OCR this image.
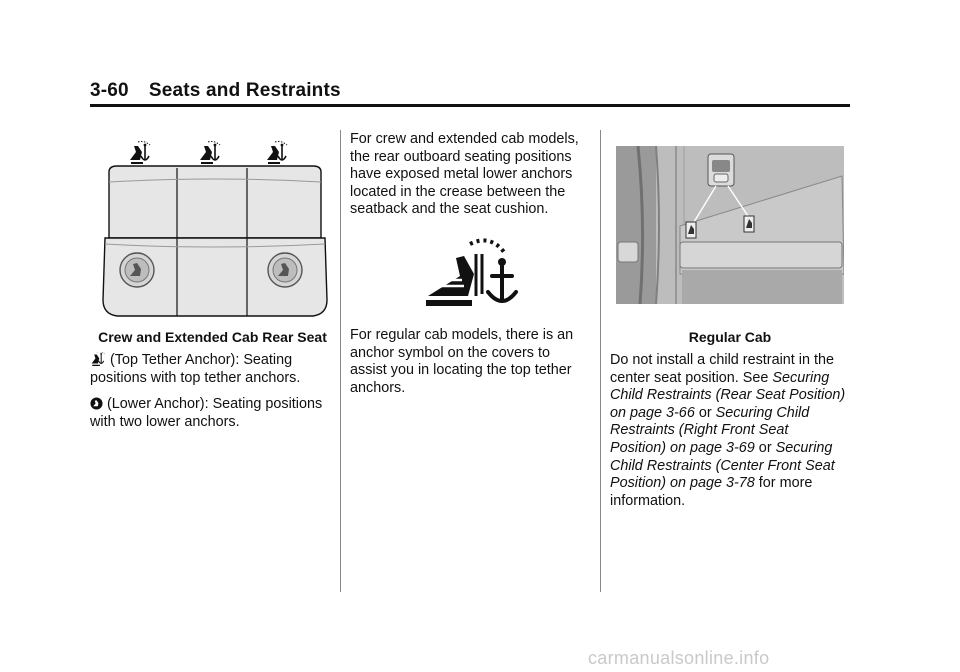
3-60 Seats and Restraints
Crew and Extended Cab Rear Seat
(Top Tether Anchor): Seating positions with top tether anchors.
(Lower Anchor): Seating positions with two lower anchors.
For crew and extended cab models, the rear outboard seating positions have exposed metal lower anchors located in the crease between the seatback and the seat cushion.
For regular cab models, there is an anchor symbol on the covers to assist you in locating the top tether anchors.
Regular Cab
Do not install a child restraint in the center seat position. See Securing Child Restraints (Rear Seat Position) on page 3-66 or Securing Child Restraints (Right Front Seat Position) on page 3-69 or Securing Child Restraints (Center Front Seat Position) on page 3-78 for more information.
carmanualsonline.info
